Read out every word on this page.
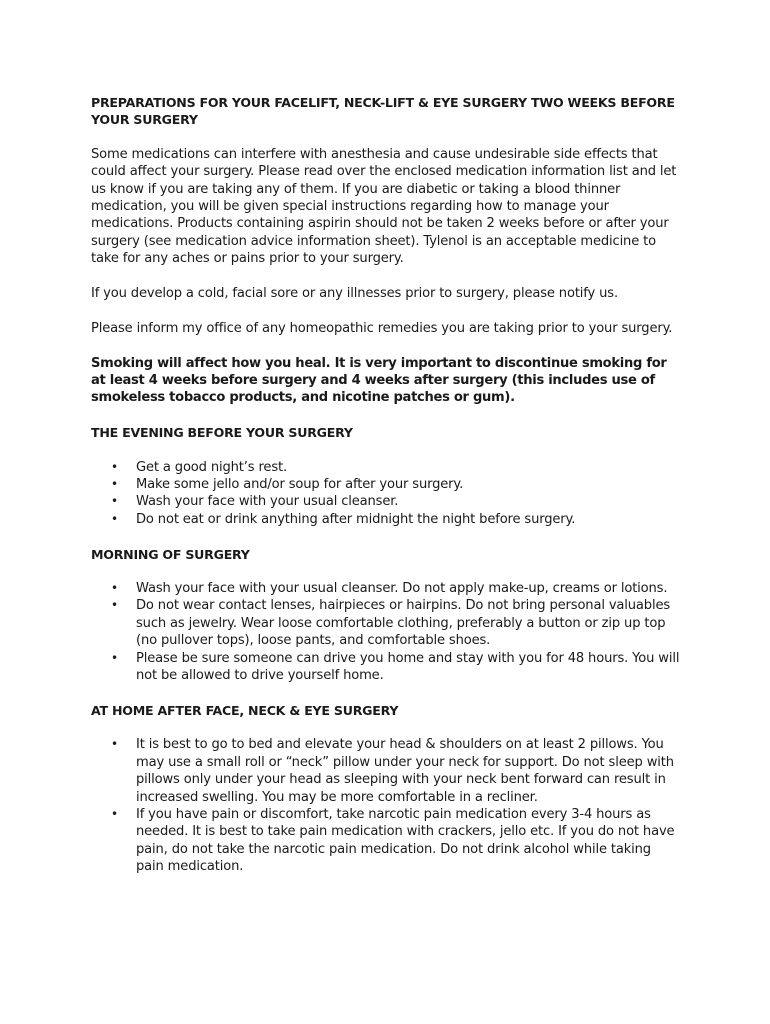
PREPARATIONS FOR YOUR FACELIFT, NECK-LIFT & EYE SURGERY TWO WEEKS BEFORE YOUR SURGERY

Some medications can interfere with anesthesia and cause undesirable side effects that could affect your surgery. Please read over the enclosed medication information list and let us know if you are taking any of them. If you are diabetic or taking a blood thinner medication, you will be given special instructions regarding how to manage your medications. Products containing aspirin should not be taken 2 weeks before or after your surgery (see medication advice information sheet). Tylenol is an acceptable medicine to take for any aches or pains prior to your surgery.

If you develop a cold, facial sore or any illnesses prior to surgery, please notify us.

Please inform my office of any homeopathic remedies you are taking prior to your surgery.

Smoking will affect how you heal. It is very important to discontinue smoking for at least 4 weeks before surgery and 4 weeks after surgery (this includes use of smokeless tobacco products, and nicotine patches or gum).

THE EVENING BEFORE YOUR SURGERY
• Get a good night’s rest.
• Make some jello and/or soup for after your surgery.
• Wash your face with your usual cleanser.
• Do not eat or drink anything after midnight the night before surgery.
MORNING OF SURGERY
• Wash your face with your usual cleanser. Do not apply make-up, creams or lotions.
• Do not wear contact lenses, hairpieces or hairpins. Do not bring personal valuables such as jewelry. Wear loose comfortable clothing, preferably a button or zip up top (no pullover tops), loose pants, and comfortable shoes.
• Please be sure someone can drive you home and stay with you for 48 hours. You will not be allowed to drive yourself home.
AT HOME AFTER FACE, NECK & EYE SURGERY
• It is best to go to bed and elevate your head & shoulders on at least 2 pillows. You may use a small roll or “neck” pillow under your neck for support. Do not sleep with pillows only under your head as sleeping with your neck bent forward can result in increased swelling. You may be more comfortable in a recliner.
• If you have pain or discomfort, take narcotic pain medication every 3-4 hours as needed. It is best to take pain medication with crackers, jello etc. If you do not have pain, do not take the narcotic pain medication. Do not drink alcohol while taking pain medication.
